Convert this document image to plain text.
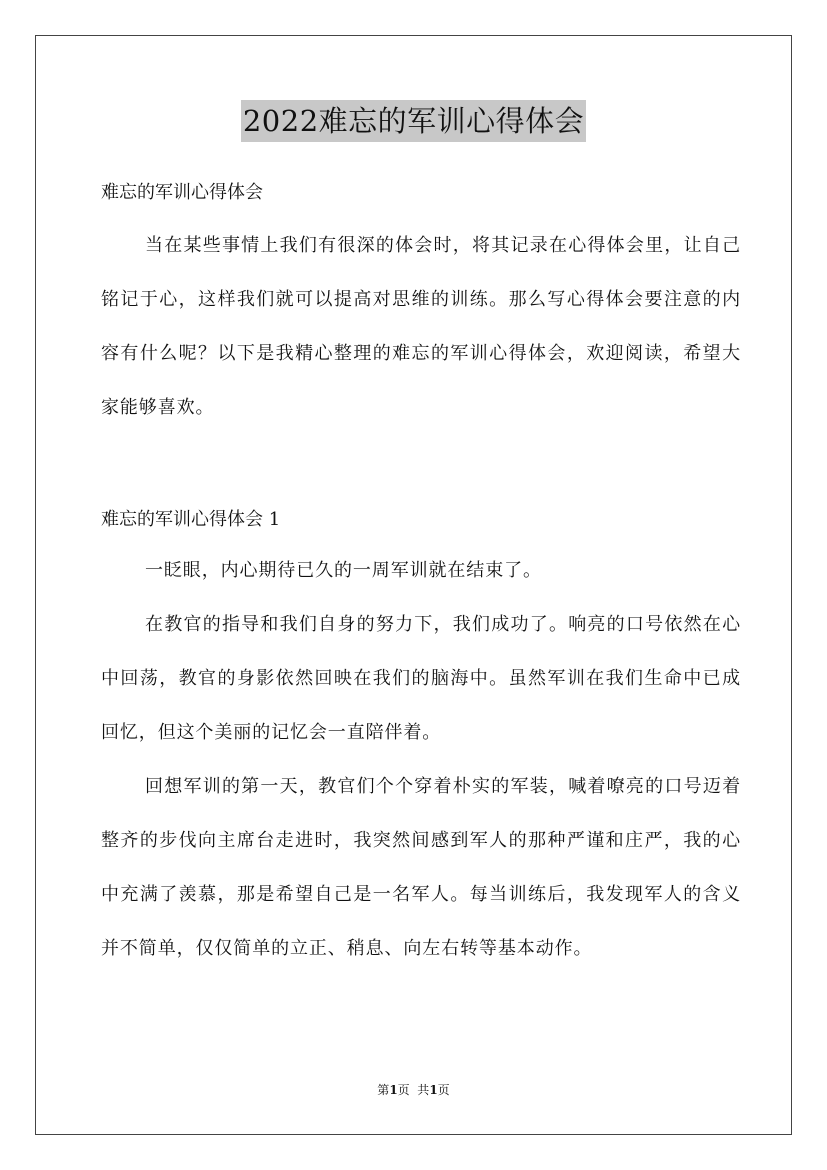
2022难忘的军训心得体会
难忘的军训心得体会

当在某些事情上我们有很深的体会时，将其记录在心得体会里，让自己铭记于心，这样我们就可以提高对思维的训练。那么写心得体会要注意的内容有什么呢？以下是我精心整理的难忘的军训心得体会，欢迎阅读，希望大家能够喜欢。

难忘的军训心得体会 1

一眨眼，内心期待已久的一周军训就在结束了。

在教官的指导和我们自身的努力下，我们成功了。响亮的口号依然在心中回荡，教官的身影依然回映在我们的脑海中。虽然军训在我们生命中已成回忆，但这个美丽的记忆会一直陪伴着。

回想军训的第一天，教官们个个穿着朴实的军装，喊着嘹亮的口号迈着整齐的步伐向主席台走进时，我突然间感到军人的那种严谨和庄严，我的心中充满了羡慕，那是希望自己是一名军人。每当训练后，我发现军人的含义并不简单，仅仅简单的立正、稍息、向左右转等基本动作。

第1页  共1页
